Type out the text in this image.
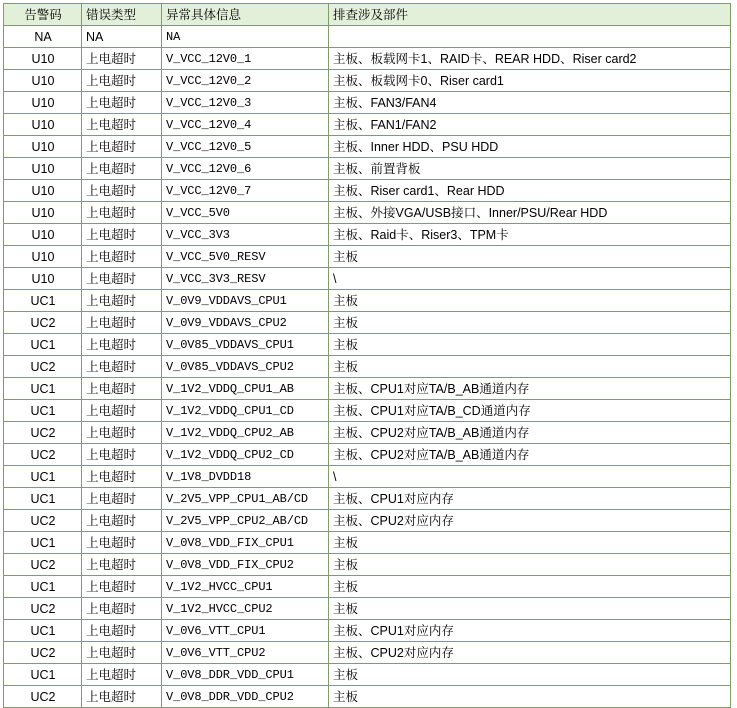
告警码	错误类型	异常具体信息	排查涉及部件
NA	NA	NA	
U10	上电超时	V_VCC_12V0_1	主板、板载网卡1、RAID卡、REAR HDD、Riser card2
U10	上电超时	V_VCC_12V0_2	主板、板载网卡0、Riser card1
U10	上电超时	V_VCC_12V0_3	主板、FAN3/FAN4
U10	上电超时	V_VCC_12V0_4	主板、FAN1/FAN2
U10	上电超时	V_VCC_12V0_5	主板、Inner HDD、PSU HDD
U10	上电超时	V_VCC_12V0_6	主板、前置背板
U10	上电超时	V_VCC_12V0_7	主板、Riser card1、Rear HDD
U10	上电超时	V_VCC_5V0	主板、外接VGA/USB接口、Inner/PSU/Rear HDD
U10	上电超时	V_VCC_3V3	主板、Raid卡、Riser3、TPM卡
U10	上电超时	V_VCC_5V0_RESV	主板
U10	上电超时	V_VCC_3V3_RESV	\
UC1	上电超时	V_0V9_VDDAVS_CPU1	主板
UC2	上电超时	V_0V9_VDDAVS_CPU2	主板
UC1	上电超时	V_0V85_VDDAVS_CPU1	主板
UC2	上电超时	V_0V85_VDDAVS_CPU2	主板
UC1	上电超时	V_1V2_VDDQ_CPU1_AB	主板、CPU1对应TA/B_AB通道内存
UC1	上电超时	V_1V2_VDDQ_CPU1_CD	主板、CPU1对应TA/B_CD通道内存
UC2	上电超时	V_1V2_VDDQ_CPU2_AB	主板、CPU2对应TA/B_AB通道内存
UC2	上电超时	V_1V2_VDDQ_CPU2_CD	主板、CPU2对应TA/B_AB通道内存
UC1	上电超时	V_1V8_DVDD18	\
UC1	上电超时	V_2V5_VPP_CPU1_AB/CD	主板、CPU1对应内存
UC2	上电超时	V_2V5_VPP_CPU2_AB/CD	主板、CPU2对应内存
UC1	上电超时	V_0V8_VDD_FIX_CPU1	主板
UC2	上电超时	V_0V8_VDD_FIX_CPU2	主板
UC1	上电超时	V_1V2_HVCC_CPU1	主板
UC2	上电超时	V_1V2_HVCC_CPU2	主板
UC1	上电超时	V_0V6_VTT_CPU1	主板、CPU1对应内存
UC2	上电超时	V_0V6_VTT_CPU2	主板、CPU2对应内存
UC1	上电超时	V_0V8_DDR_VDD_CPU1	主板
UC2	上电超时	V_0V8_DDR_VDD_CPU2	主板
